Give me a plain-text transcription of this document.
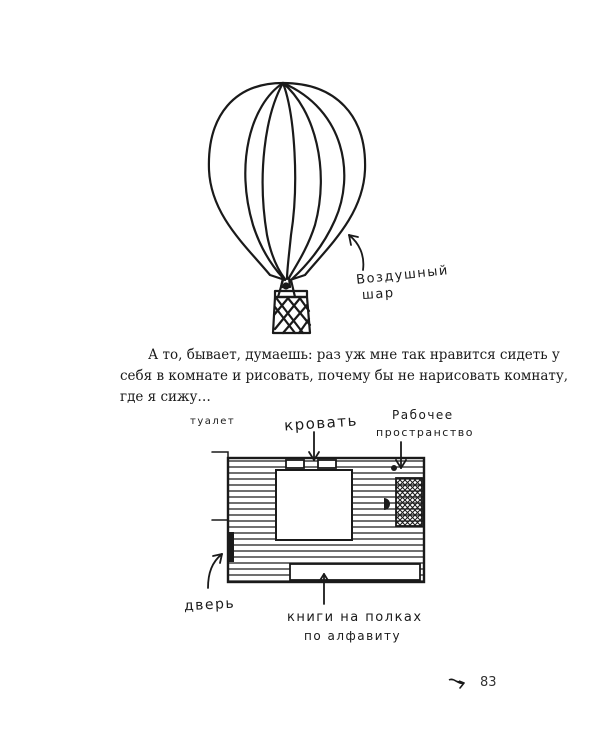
Воздушный
шар

А то, бывает, думаешь: раз уж мне так нравится сидеть у
себя в комнате и рисовать, почему бы не нарисовать комнату,
где я сижу…

туалет	кровать	Рабочее
пространство
дверь
книги на полках
по алфавиту
83
